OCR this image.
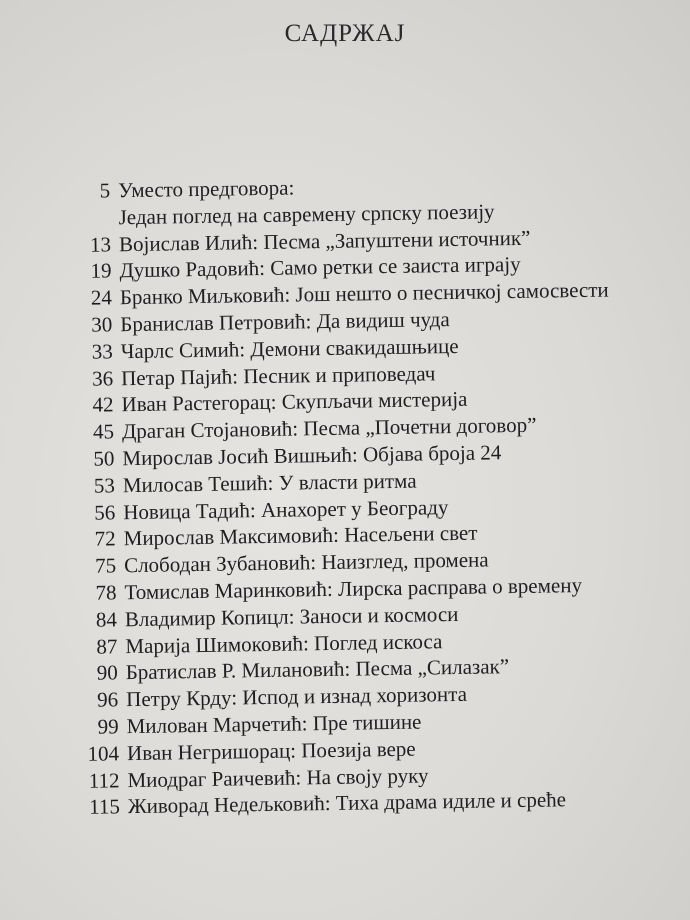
САДРЖАЈ
5 Уместо предговора:
Један поглед на савремену српску поезију
13 Војислав Илић: Песма „Запуштени источник”
19 Душко Радовић: Само ретки се заиста играју
24 Бранко Миљковић: Још нешто о песничкој самосвести
30 Бранислав Петровић: Да видиш чуда
33 Чарлс Симић: Демони свакидашњице
36 Петар Пајић: Песник и приповедач
42 Иван Растегорац: Скупљачи мистерија
45 Драган Стојановић: Песма „Почетни договор”
50 Мирослав Јосић Вишњић: Објава броја 24
53 Милосав Тешић: У власти ритма
56 Новица Тадић: Анахорет у Београду
72 Мирослав Максимовић: Насељени свет
75 Слободан Зубановић: Наизглед, промена
78 Томислав Маринковић: Лирска расправа о времену
84 Владимир Копицл: Заноси и космоси
87 Марија Шимоковић: Поглед искоса
90 Братислав Р. Милановић: Песма „Силазак”
96 Петру Крду: Испод и изнад хоризонта
99 Милован Марчетић: Пре тишине
104 Иван Негришорац: Поезија вере
112 Миодраг Раичевић: На своју руку
115 Живорад Недељковић: Тиха драма идиле и среће
